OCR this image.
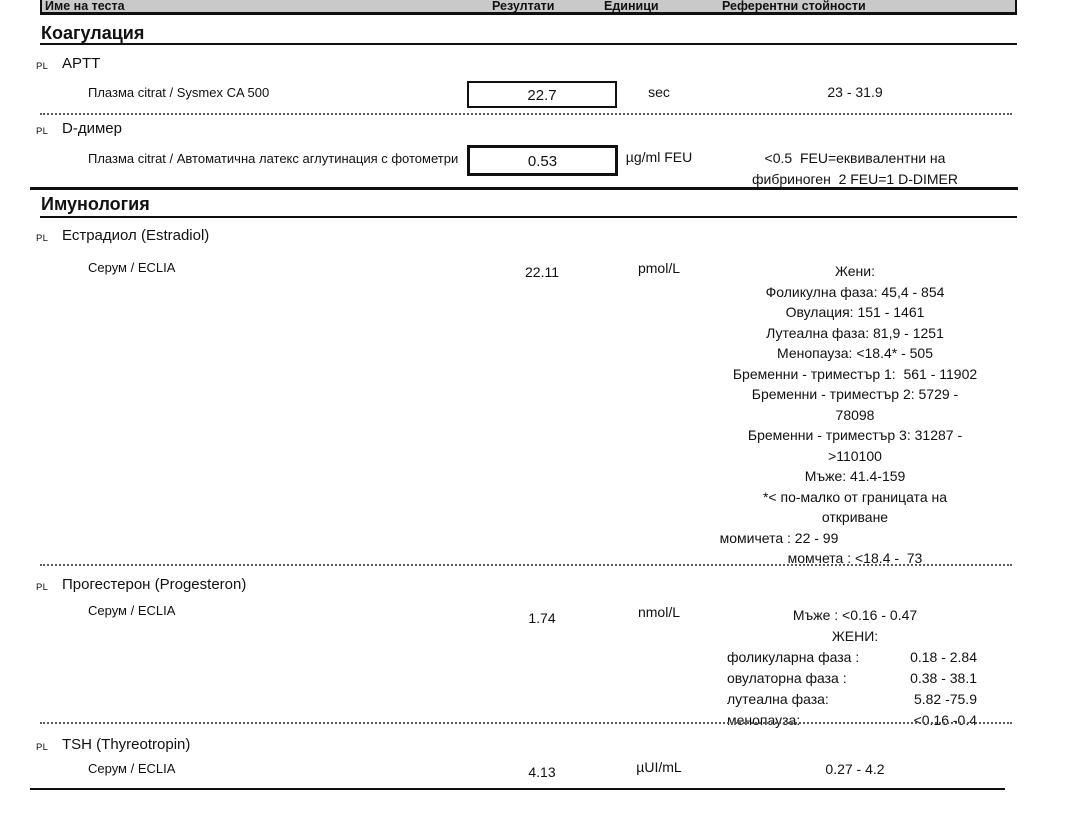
Име на теста	Резултати	Единици	Референтни стойности
Коагулация
PL APTT
Плазма citrat / Sysmex CA 500	22.7	sec	23 - 31.9
PL D-димер
Плазма citrat / Автоматична латекс аглутинация с фотометри	0.53	µg/ml FEU	<0.5  FEU=еквивалентни на
фибриноген  2 FEU=1 D-DIMER
Имунология
PL Естрадиол (Estradiol)
Серум / ECLIA	22.11	pmol/L	Жени:
Фоликулна фаза: 45,4 - 854
Овулация: 151 - 1461
Лутеална фаза: 81,9 - 1251
Менопауза: <18.4* - 505
Бременни - триместър 1:  561 - 11902
Бременни - триместър 2: 5729 -
78098
Бременни - триместър 3: 31287 -
>110100
Мъже: 41.4-159
*< по-малко от границата на
откриване
момичета : 22 - 99
момчета : <18.4 -  73
PL Прогестерон (Progesteron)
Серум / ECLIA	1.74	nmol/L	Мъже : <0.16 - 0.47
ЖЕНИ:
фоликуларна фаза :	0.18 - 2.84
овулаторна фаза :	0.38 - 38.1
лутеална фаза:	5.82 -75.9
менопауза:	<0.16 -0.4
PL TSH (Thyreotropin)
Серум / ECLIA	4.13	µUI/mL	0.27 - 4.2
